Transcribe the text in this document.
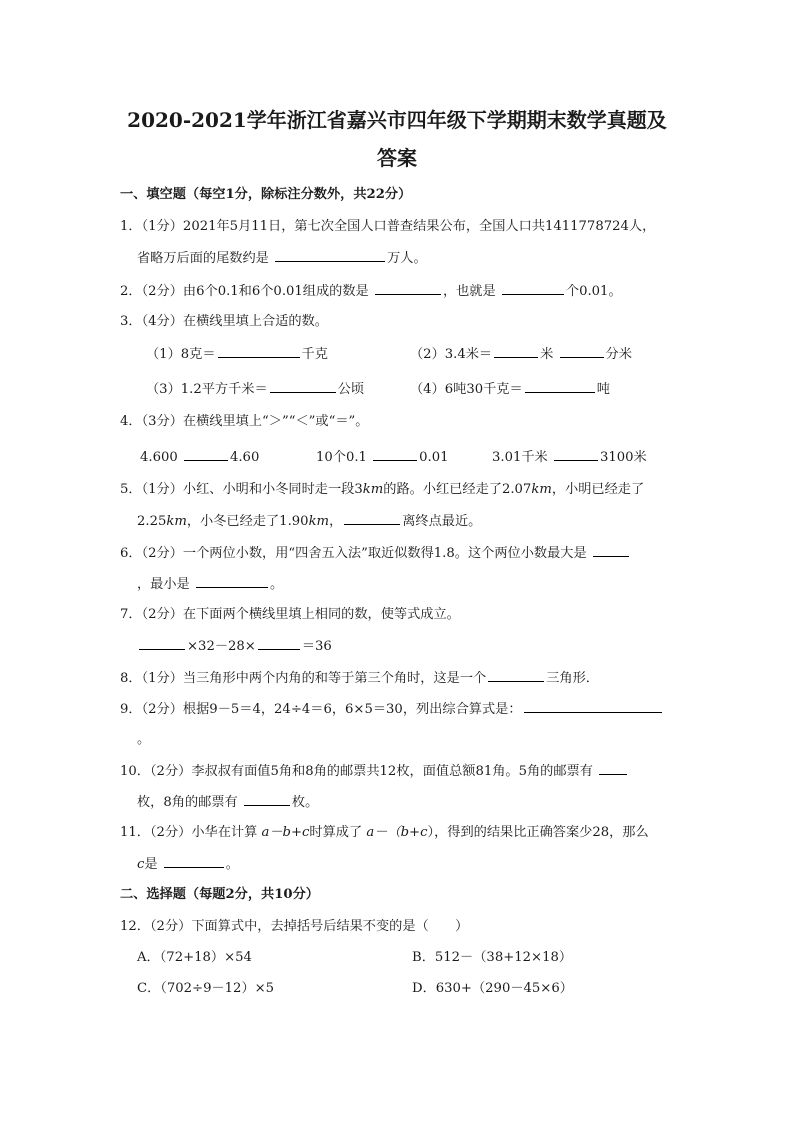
2020-2021学年浙江省嘉兴市四年级下学期期末数学真题及
答案
一、填空题（每空1分，除标注分数外，共22分）
1．（1分）2021年5月11日，第七次全国人口普查结果公布，全国人口共1411778724人，
省略万后面的尾数约是	万人。
2．（2分）由6个0.1和6个0.01组成的数是	，也就是	个0.01。
3．（4分）在横线里填上合适的数。
（1）8克＝	千克	（2）3.4米＝	米	分米
（3）1.2平方千米＝	公顷	（4）6吨30千克＝	吨
4．（3分）在横线里填上“＞”“＜”或“＝”。
4.600	4.60	10个0.1	0.01	3.01千米	3100米
5．（1分）小红、小明和小冬同时走一段3km的路。小红已经走了2.07km，小明已经走了
2.25km，小冬已经走了1.90km，	离终点最近。
6．（2分）一个两位小数，用“四舍五入法”取近似数得1.8。这个两位小数最大是
，最小是	。
7．（2分）在下面两个横线里填上相同的数，使等式成立。
×32－28×	＝36
8．（1分）当三角形中两个内角的和等于第三个角时，这是一个	三角形．
9．（2分）根据9－5＝4，24÷4＝6，6×5＝30，列出综合算式是：
。
10．（2分）李叔叔有面值5角和8角的邮票共12枚，面值总额81角。5角的邮票有
枚，8角的邮票有	枚。
11．（2分）小华在计算 a－b+c时算成了 a－（b+c），得到的结果比正确答案少28，那么
c是	。
二、选择题（每题2分，共10分）
12．（2分）下面算式中，去掉括号后结果不变的是（　　）
A．（72+18）×54	B．512－（38+12×18）
C．（702÷9－12）×5	D．630+（290－45×6）
